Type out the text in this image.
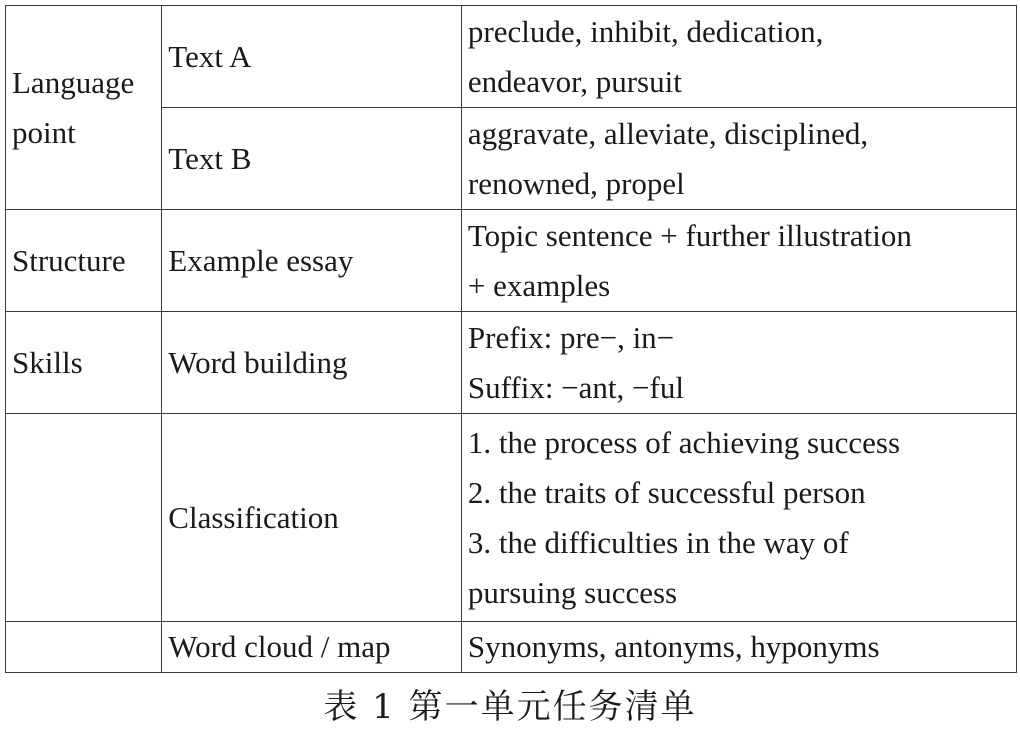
Language point	Text A	preclude, inhibit, dedication,
endeavor, pursuit

	Text B	aggravate, alleviate, disciplined,
renowned, propel

Structure	Example essay	Topic sentence + further illustration
+ examples

Skills	Word building	Prefix: pre−, in−
Suffix: −ant, −ful

	Classification	1. the process of achieving success
2. the traits of successful person
3. the difficulties in the way of
pursuing success

	Word cloud / map	Synonyms, antonyms, hyponyms
表 1 第一单元任务清单
